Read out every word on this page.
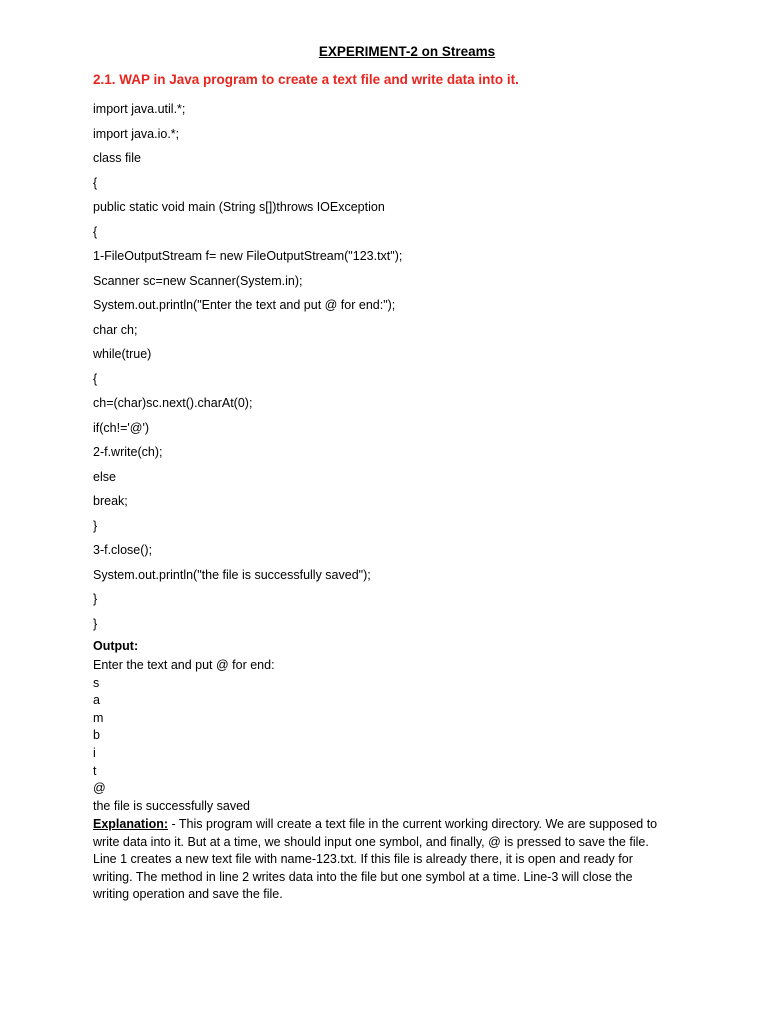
EXPERIMENT-2 on Streams
2.1. WAP in Java program to create a text file and write data into it.
import java.util.*;
import java.io.*;
class file
{
public static void main (String s[])throws IOException
{
1-FileOutputStream f= new FileOutputStream("123.txt");
Scanner sc=new Scanner(System.in);
System.out.println("Enter the text and put @ for end:");
char ch;
while(true)
{
ch=(char)sc.next().charAt(0);
if(ch!='@')
2-f.write(ch);
else
break;
}
3-f.close();
System.out.println("the file is successfully saved");
}
}
Output:
Enter the text and put @ for end:
s
a
m
b
i
t
@
the file is successfully saved
Explanation: - This program will create a text file in the current working directory. We are supposed to write data into it. But at a time, we should input one symbol, and finally, @ is pressed to save the file. Line 1 creates a new text file with name-123.txt. If this file is already there, it is open and ready for writing. The method in line 2 writes data into the file but one symbol at a time. Line-3 will close the writing operation and save the file.
